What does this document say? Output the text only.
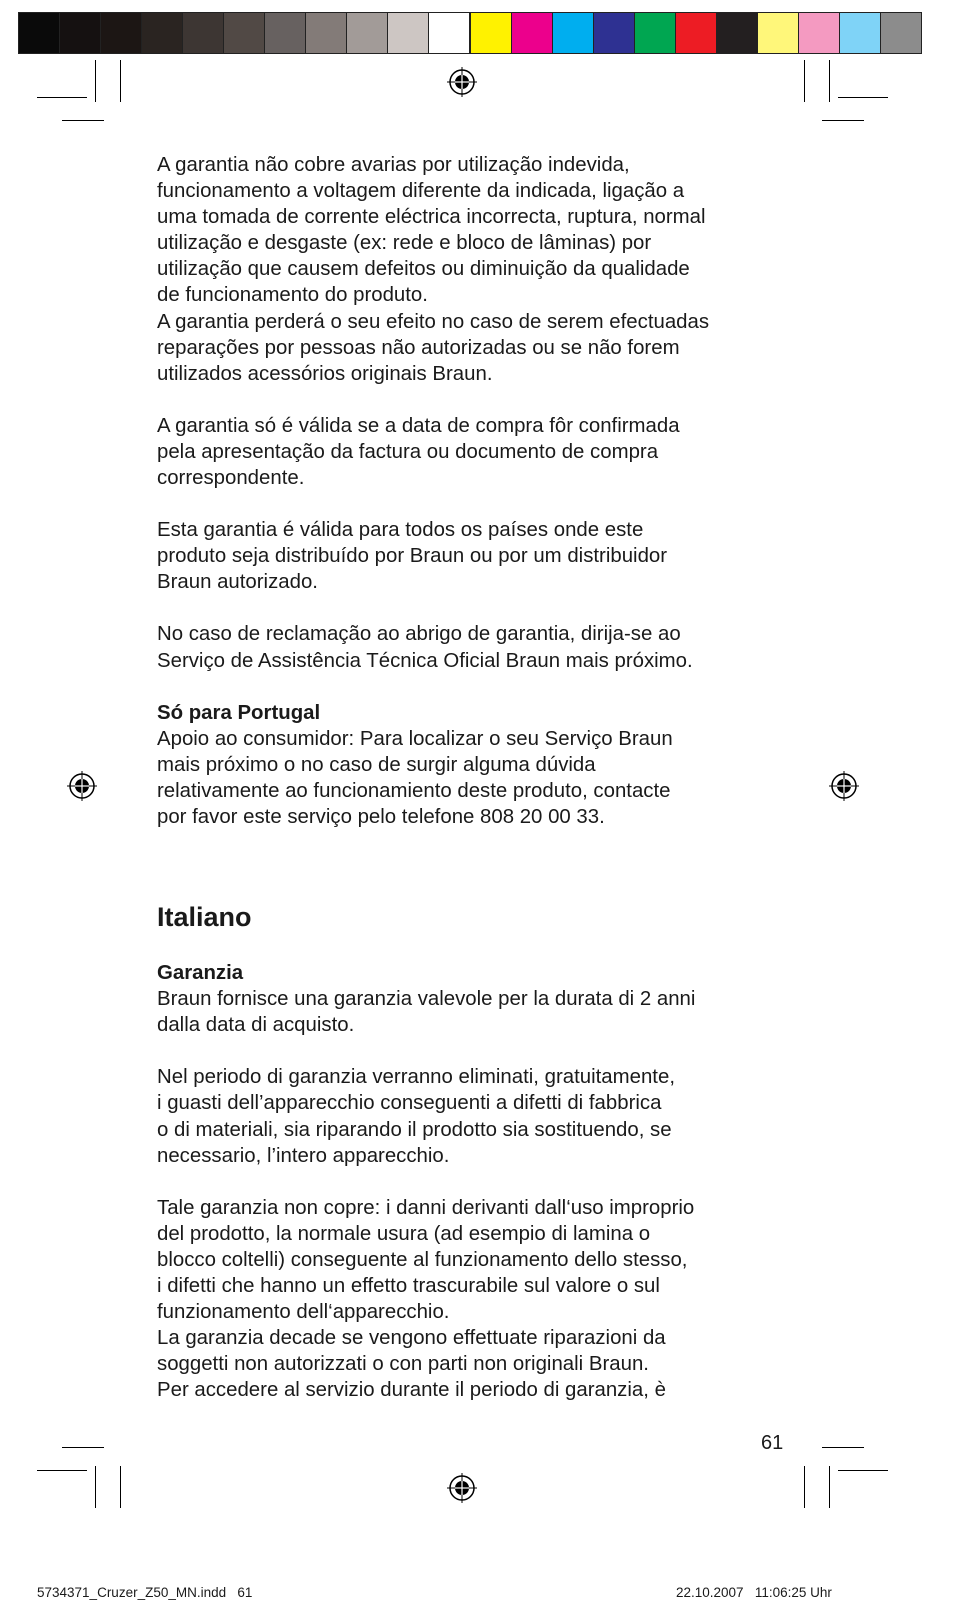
A garantia não cobre avarias por utilização indevida,
funcionamento a voltagem diferente da indicada, ligação a
uma tomada de corrente eléctrica incorrecta, ruptura, normal
utilização e desgaste (ex: rede e bloco de lâminas) por
utilização que causem defeitos ou diminuição da qualidade
de funcionamento do produto.
A garantia perderá o seu efeito no caso de serem efectuadas
reparações por pessoas não autorizadas ou se não forem
utilizados acessórios originais Braun.

A garantia só é válida se a data de compra fôr confirmada
pela apresentação da factura ou documento de compra
correspondente.

Esta garantia é válida para todos os países onde este
produto seja distribuído por Braun ou por um distribuidor
Braun autorizado.

No caso de reclamação ao abrigo de garantia, dirija-se ao
Serviço de Assistência Técnica Oficial Braun mais próximo.

Só para Portugal

Apoio ao consumidor: Para localizar o seu Serviço Braun
mais próximo o no caso de surgir alguma dúvida
relativamente ao funcionamiento deste produto, contacte
por favor este serviço pelo telefone 808 20 00 33.

Italiano

Garanzia

Braun fornisce una garanzia valevole per la durata di 2 anni
dalla data di acquisto.

Nel periodo di garanzia verranno eliminati, gratuitamente,
i guasti dell’apparecchio conseguenti a difetti di fabbrica
o di materiali, sia riparando il prodotto sia sostituendo, se
necessario, l’intero apparecchio.

Tale garanzia non copre: i danni derivanti dall‘uso improprio
del prodotto, la normale usura (ad esempio di lamina o
blocco coltelli) conseguente al funzionamento dello stesso,
i difetti che hanno un effetto trascurabile sul valore o sul
funzionamento dell‘apparecchio.
La garanzia decade se vengono effettuate riparazioni da
soggetti non autorizzati o con parti non originali Braun.
Per accedere al servizio durante il periodo di garanzia, è

61
5734371_Cruzer_Z50_MN.indd   61	22.10.2007   11:06:25 Uhr
